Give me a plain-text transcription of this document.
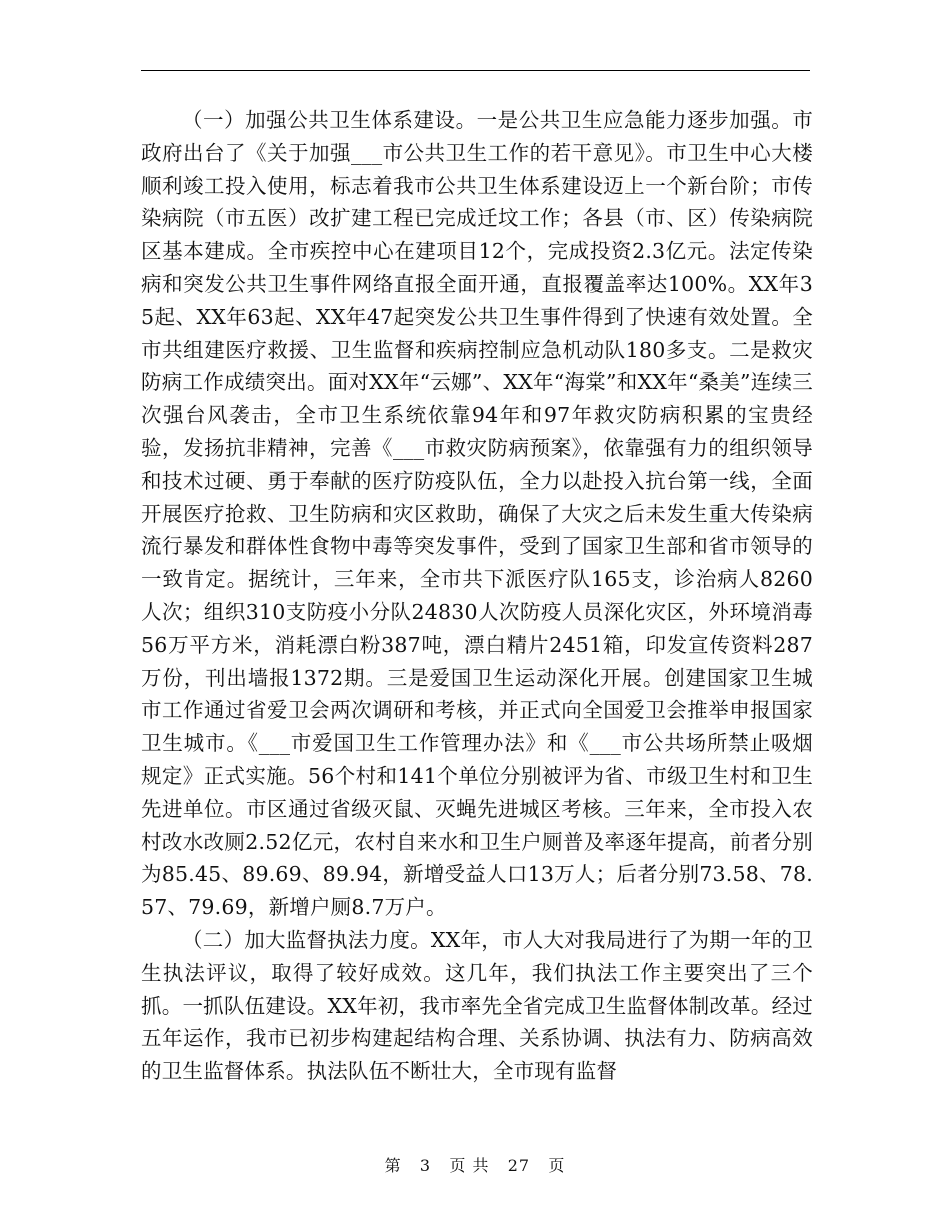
（一）加强公共卫生体系建设。一是公共卫生应急能力逐步加强。市政府出台了《关于加强___市公共卫生工作的若干意见》。市卫生中心大楼顺利竣工投入使用，标志着我市公共卫生体系建设迈上一个新台阶；市传染病院（市五医）改扩建工程已完成迁坟工作；各县（市、区）传染病院区基本建成。全市疾控中心在建项目12个，完成投资2.3亿元。法定传染病和突发公共卫生事件网络直报全面开通，直报覆盖率达100%。XX年35起、XX年63起、XX年47起突发公共卫生事件得到了快速有效处置。全市共组建医疗救援、卫生监督和疾病控制应急机动队180多支。二是救灾防病工作成绩突出。面对XX年“云娜”、XX年“海棠”和XX年“桑美”连续三次强台风袭击，全市卫生系统依靠94年和97年救灾防病积累的宝贵经验，发扬抗非精神，完善《___市救灾防病预案》，依靠强有力的组织领导和技术过硬、勇于奉献的医疗防疫队伍，全力以赴投入抗台第一线，全面开展医疗抢救、卫生防病和灾区救助，确保了大灾之后未发生重大传染病流行暴发和群体性食物中毒等突发事件，受到了国家卫生部和省市领导的一致肯定。据统计，三年来，全市共下派医疗队165支，诊治病人8260人次；组织310支防疫小分队24830人次防疫人员深化灾区，外环境消毒56万平方米，消耗漂白粉387吨，漂白精片2451箱，印发宣传资料287万份，刊出墙报1372期。三是爱国卫生运动深化开展。创建国家卫生城市工作通过省爱卫会两次调研和考核，并正式向全国爱卫会推举申报国家卫生城市。《___市爱国卫生工作管理办法》和《___市公共场所禁止吸烟规定》正式实施。56个村和141个单位分别被评为省、市级卫生村和卫生先进单位。市区通过省级灭鼠、灭蝇先进城区考核。三年来，全市投入农村改水改厕2.52亿元，农村自来水和卫生户厕普及率逐年提高，前者分别为85.45、89.69、89.94，新增受益人口13万人；后者分别73.58、78.57、79.69，新增户厕8.7万户。

（二）加大监督执法力度。XX年，市人大对我局进行了为期一年的卫生执法评议，取得了较好成效。这几年，我们执法工作主要突出了三个抓。一抓队伍建设。XX年初，我市率先全省完成卫生监督体制改革。经过五年运作，我市已初步构建起结构合理、关系协调、执法有力、防病高效的卫生监督体系。执法队伍不断壮大，全市现有监督

第 3 页 共 27 页
